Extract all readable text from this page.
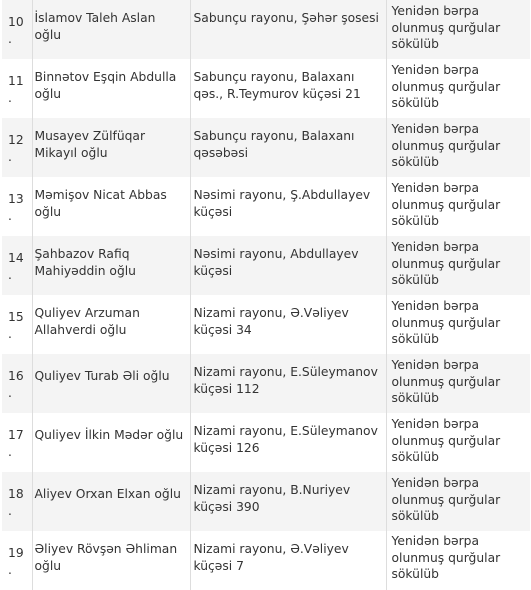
10.	İslamov Taleh Aslan oğlu	Sabunçu rayonu, Şəhər şosesi	Yenidən bərpa olunmuş qurğular sökülüb
11.	Binnətov Eşqin Abdulla oğlu	Sabunçu rayonu, Balaxanı qəs., R.Teymurov küçəsi 21	Yenidən bərpa olunmuş qurğular sökülüb
12.	Musayev Zülfüqar Mikayıl oğlu	Sabunçu rayonu, Balaxanı qəsəbəsi	Yenidən bərpa olunmuş qurğular sökülüb
13.	Məmişov Nicat Abbas oğlu	Nəsimi rayonu, Ş.Abdullayev küçəsi	Yenidən bərpa olunmuş qurğular sökülüb
14.	Şahbazov Rafiq Mahiyəddin oğlu	Nəsimi rayonu, Abdullayev küçəsi	Yenidən bərpa olunmuş qurğular sökülüb
15.	Quliyev Arzuman Allahverdi oğlu	Nizami rayonu, Ə.Vəliyev küçəsi 34	Yenidən bərpa olunmuş qurğular sökülüb
16.	Quliyev Turab Əli oğlu	Nizami rayonu, E.Süleymanov küçəsi 112	Yenidən bərpa olunmuş qurğular sökülüb
17.	Quliyev İlkin Mədər oğlu	Nizami rayonu, E.Süleymanov küçəsi 126	Yenidən bərpa olunmuş qurğular sökülüb
18.	Aliyev Orxan Elxan oğlu	Nizami rayonu, B.Nuriyev küçəsi 390	Yenidən bərpa olunmuş qurğular sökülüb
19.	Əliyev Rövşən Əhliman oğlu	Nizami rayonu, Ə.Vəliyev küçəsi 7	Yenidən bərpa olunmuş qurğular sökülüb
